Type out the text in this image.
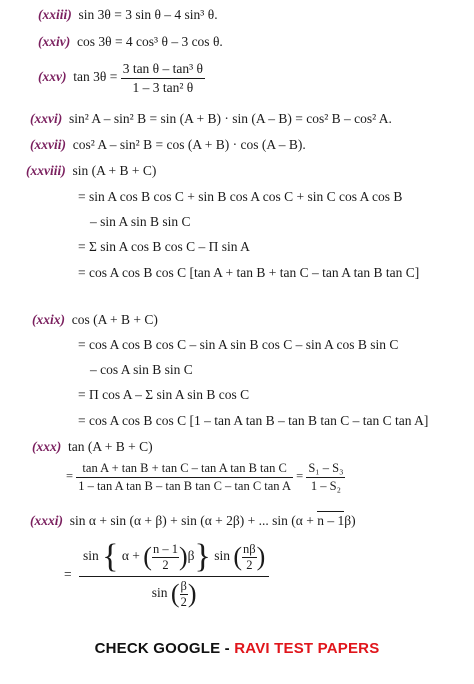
(xxiii) sin 3θ = 3 sin θ – 4 sin³ θ.
(xxiv) cos 3θ = 4 cos³ θ – 3 cos θ.
(xxv) $\tan 3\theta = \frac{\text{3 tan θ – tan³ θ}}{\text{1 – 3 tan² θ}}$
(xxvi) sin² A – sin² B = sin (A + B) · sin (A – B) = cos² B – cos² A.
(xxvii) cos² A – sin² B = cos (A + B) · cos (A – B).
(xxviii) sin (A + B + C)
= sin A cos B cos C + sin B cos A cos C + sin C cos A cos B
– sin A sin B sin C
= Σ sin A cos B cos C – Π sin A
= cos A cos B cos C [tan A + tan B + tan C – tan A tan B tan C]
(xxix) cos (A + B + C)
= cos A cos B cos C – sin A sin B cos C – sin A cos B sin C
– cos A sin B sin C
= Π cos A – Σ sin A sin B cos C
= cos A cos B cos C [1 – tan A tan B – tan B tan C – tan C tan A]
(xxx) tan (A + B + C)
= $\frac{\text{tan A + tan B + tan C – tan A tan B tan C}}{\text{1 – tan A tan B – tan B tan C – tan C tan A}} = \frac{\text{S₁ – S₃}}{\text{1 – S₂}}$
(xxxi) sin α + sin (α + β) + sin (α + 2β) + ... sin (α + n – 1β)
=
sin { α + ( $\frac{n - 1}{2} )\beta$} sin ( $\frac{n\beta}{2}$ )
sin ( $\frac{\beta}{2}$ )
CHECK GOOGLE - RAVI TEST PAPERS
